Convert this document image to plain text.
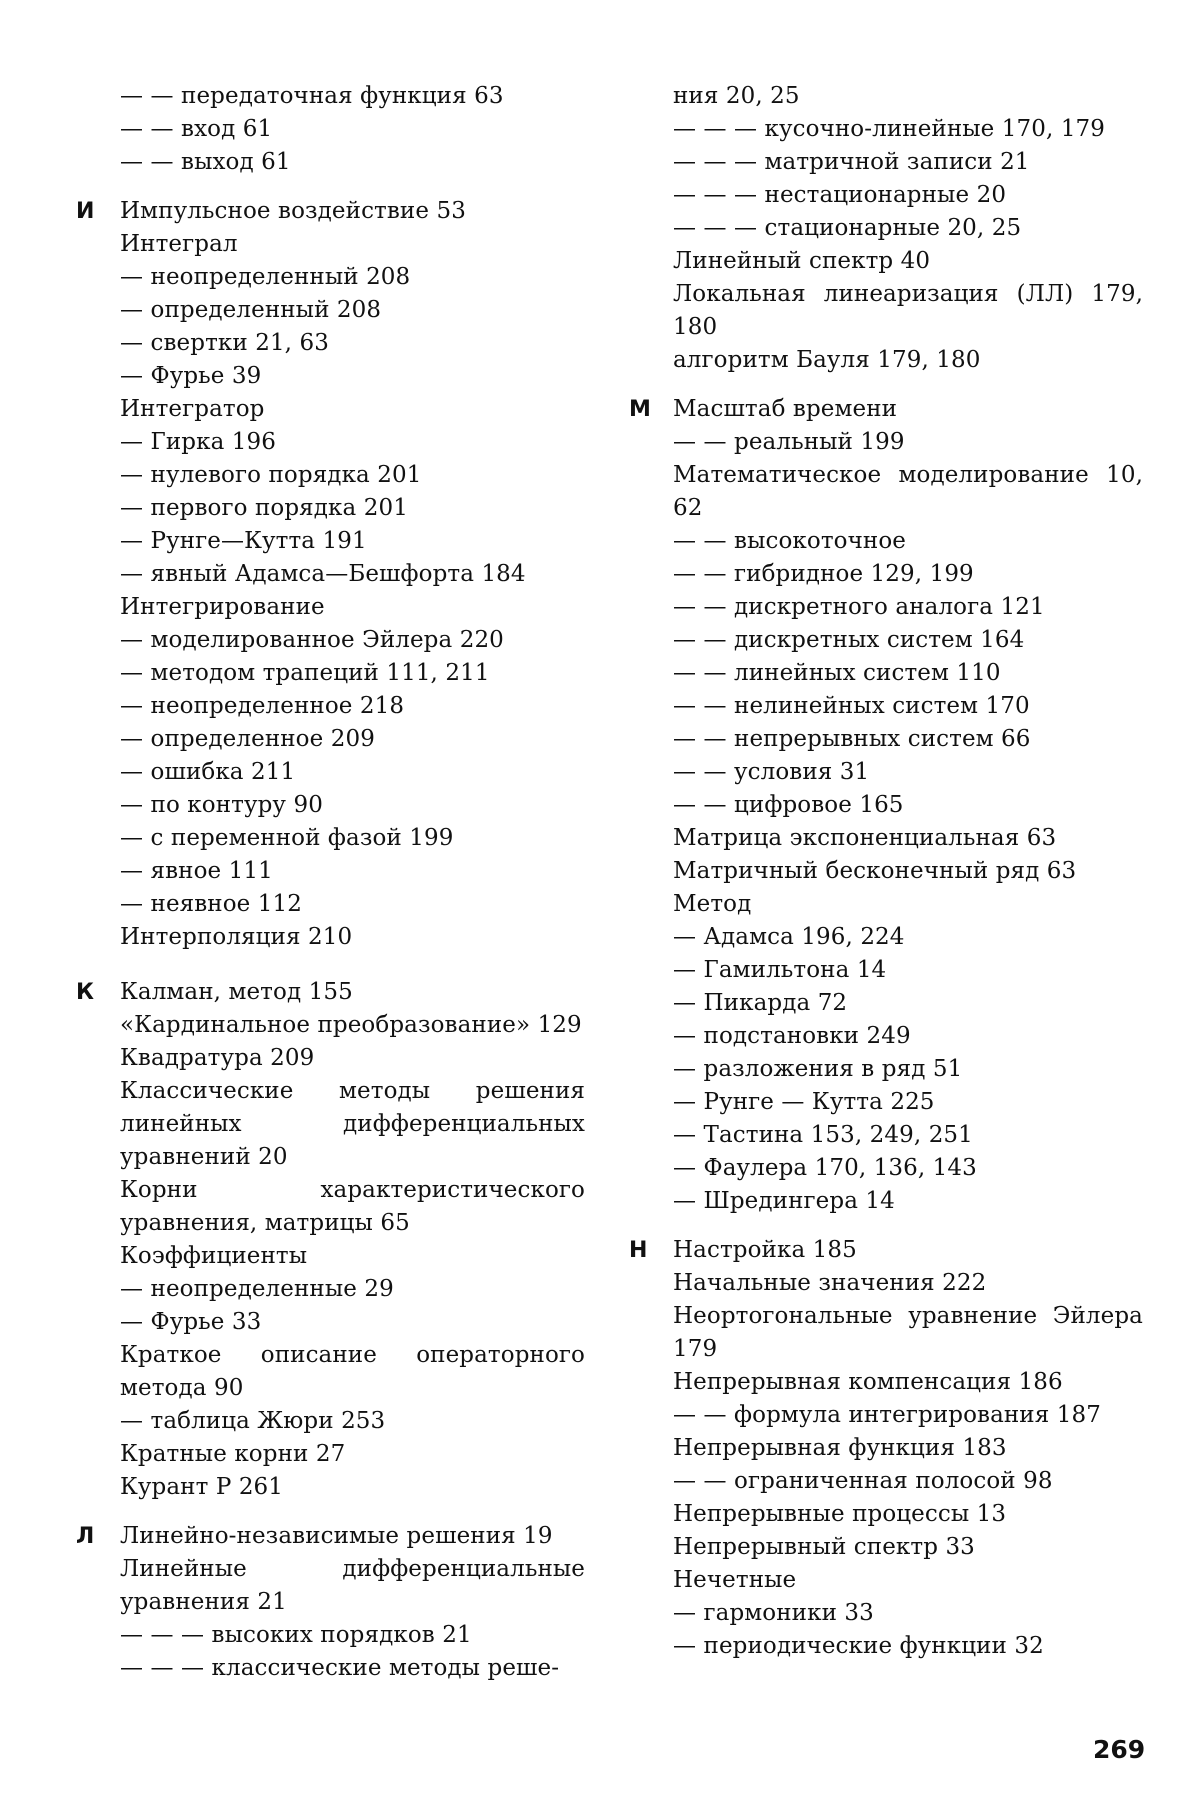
— — передаточная функция 63
— — вход 61
— — выход 61
И Импульсное воздействие 53
Интеграл
— неопределенный 208
— определенный 208
— свертки 21, 63
— Фурье 39
Интегратор
— Гирка 196
— нулевого порядка 201
— первого порядка 201
— Рунге—Кутта 191
— явный Адамса—Бешфорта 184
Интегрирование
— моделированное Эйлера 220
— методом трапеций 111, 211
— неопределенное 218
— определенное 209
— ошибка 211
— по контуру 90
— с переменной фазой 199
— явное 111
— неявное 112
Интерполяция 210
К Калман, метод 155
«Кардинальное преобразование» 129
Квадратура 209
Классические методы решения линейных дифференциальных уравнений 20
Корни характеристического уравнения, матрицы 65
Коэффициенты
— неопределенные 29
— Фурье 33
Краткое описание операторного метода 90
— таблица Жюри 253
Кратные корни 27
Курант Р 261
Л Линейно-независимые решения 19
Линейные дифференциальные уравнения 21
— — — высоких порядков 21
— — — классические методы реше-
ния 20, 25
— — — кусочно-линейные 170, 179
— — — матричной записи 21
— — — нестационарные 20
— — — стационарные 20, 25
Линейный спектр 40
Локальная линеаризация (ЛЛ) 179, 180
алгоритм Бауля 179, 180
М Масштаб времени
— — реальный 199
Математическое моделирование 10, 62
— — высокоточное
— — гибридное 129, 199
— — дискретного аналога 121
— — дискретных систем 164
— — линейных систем 110
— — нелинейных систем 170
— — непрерывных систем 66
— — условия 31
— — цифровое 165
Матрица экспоненциальная 63
Матричный бесконечный ряд 63
Метод
— Адамса 196, 224
— Гамильтона 14
— Пикарда 72
— подстановки 249
— разложения в ряд 51
— Рунге — Кутта 225
— Тастина 153, 249, 251
— Фаулера 170, 136, 143
— Шредингера 14
Н Настройка 185
Начальные значения 222
Неортогональные уравнение Эйлера 179
Непрерывная компенсация 186
— — формула интегрирования 187
Непрерывная функция 183
— — ограниченная полосой 98
Непрерывные процессы 13
Непрерывный спектр 33
Нечетные
— гармоники 33
— периодические функции 32
269
